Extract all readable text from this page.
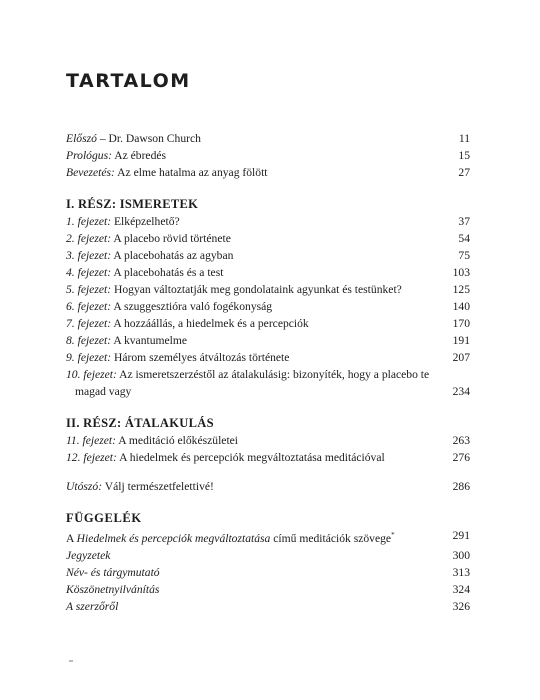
TARTALOM
Előszó – Dr. Dawson Church	11
Prológus: Az ébredés	15
Bevezetés: Az elme hatalma az anyag fölött	27
I. RÉSZ: ISMERETEK
1. fejezet: Elképzelhető?	37
2. fejezet: A placebo rövid története	54
3. fejezet: A placebohatás az agyban	75
4. fejezet: A placebohatás és a test	103
5. fejezet: Hogyan változtatják meg gondolataink agyunkat és testünket?	125
6. fejezet: A szuggesztióra való fogékonyság	140
7. fejezet: A hozzáállás, a hiedelmek és a percepciók	170
8. fejezet: A kvantumelme	191
9. fejezet: Három személyes átváltozás története	207
10. fejezet: Az ismeretszerzéstől az átalakulásig: bizonyíték, hogy a placebo te magad vagy	234
II. RÉSZ: ÁTALAKULÁS
11. fejezet: A meditáció előkészületei	263
12. fejezet: A hiedelmek és percepciók megváltoztatása meditációval	276
Utószó: Válj természetfelettivé!	286
FÜGGELÉK
A Hiedelmek és percepciók megváltoztatása című meditációk szövege*	291
Jegyzetek	300
Név- és tárgymutató	313
Köszönetnyilvánítás	324
A szerzőről	326
